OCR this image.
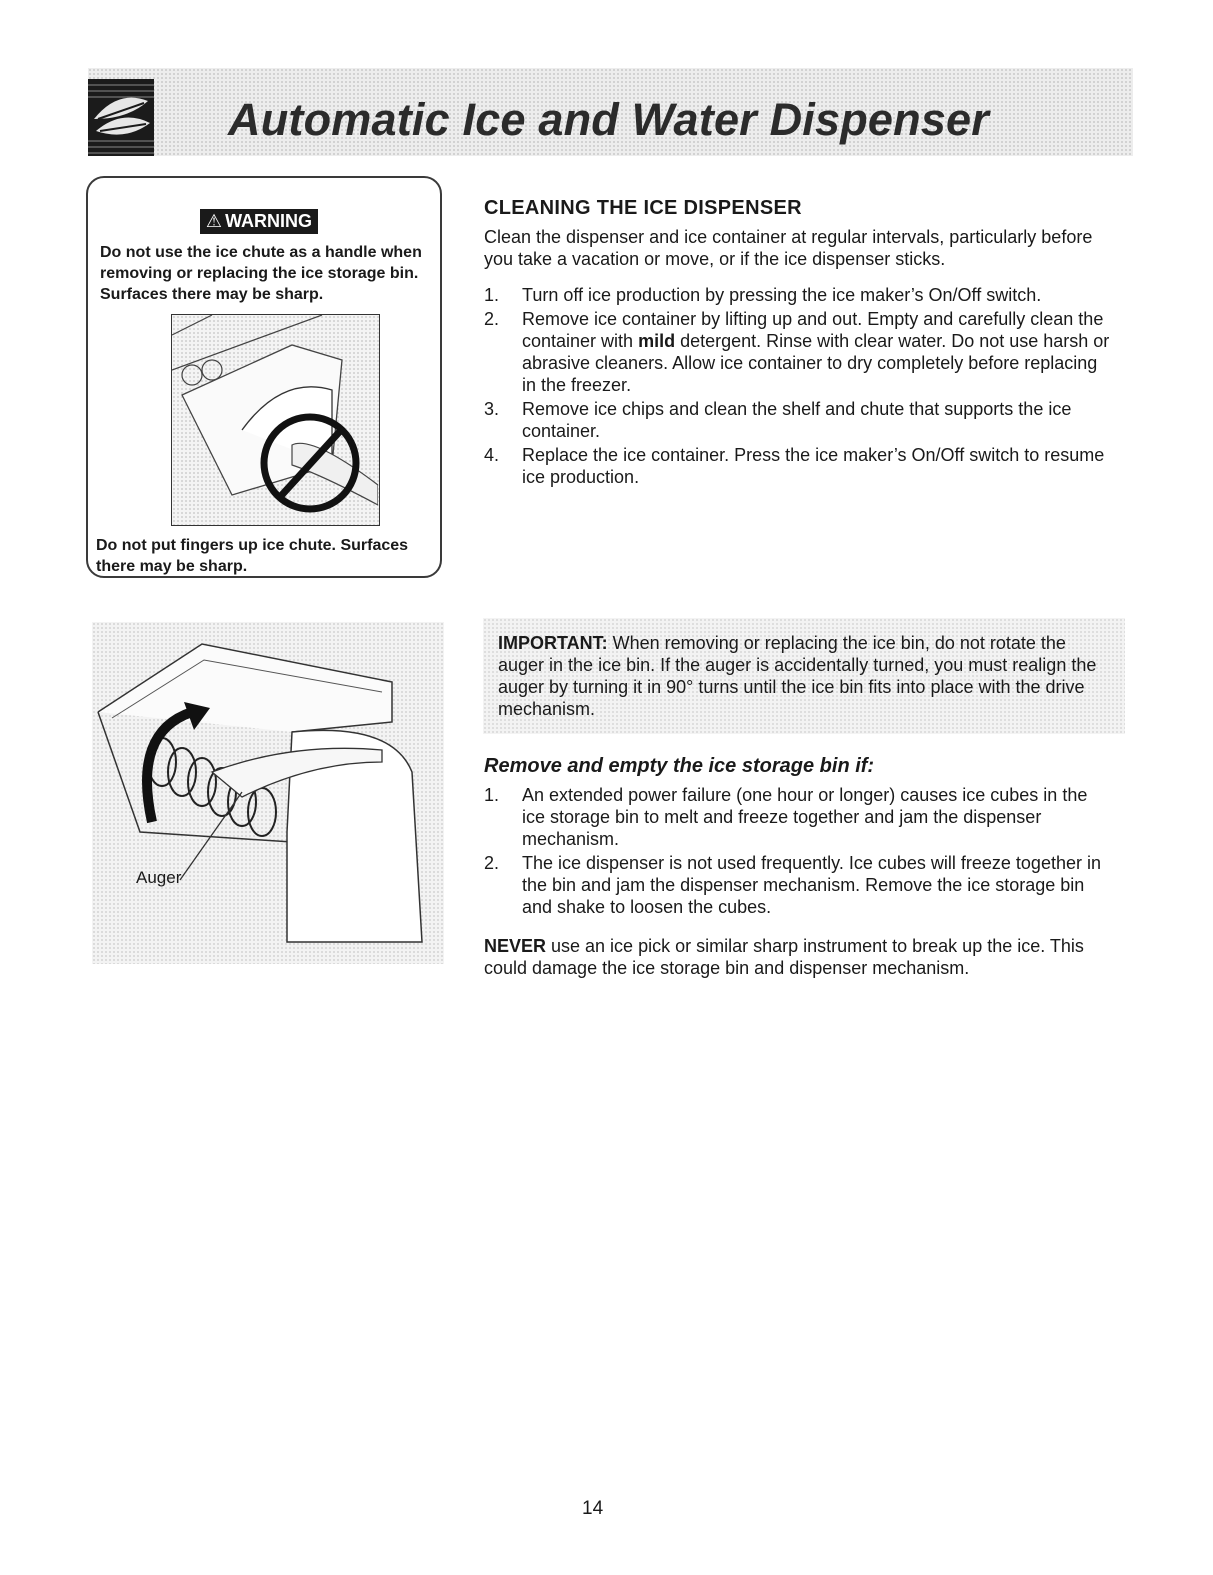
Automatic Ice and Water Dispenser
⚠ WARNING
Do not use the ice chute as a handle when removing or replacing the ice storage bin. Surfaces there may be sharp.
Do not put fingers up ice chute. Surfaces there may be sharp.
CLEANING THE ICE DISPENSER
Clean the dispenser and ice container at regular intervals, particularly before you take a vacation or move, or if the ice dispenser sticks.
1. Turn off ice production by pressing the ice maker’s On/Off switch.
2. Remove ice container by lifting up and out. Empty and carefully clean the container with mild detergent. Rinse with clear water. Do not use harsh or abrasive cleaners. Allow ice container to dry completely before replacing in the freezer.
3. Remove ice chips and clean the shelf and chute that supports the ice container.
4. Replace the ice container. Press the ice maker’s On/Off switch to resume ice production.
Auger
IMPORTANT: When removing or replacing the ice bin, do not rotate the auger in the ice bin. If the auger is accidentally turned, you must realign the auger by turning it in 90° turns until the ice bin fits into place with the drive mechanism.
Remove and empty the ice storage bin if:
1. An extended power failure (one hour or longer) causes ice cubes in the ice storage bin to melt and freeze together and jam the dispenser mechanism.
2. The ice dispenser is not used frequently. Ice cubes will freeze together in the bin and jam the dispenser mechanism. Remove the ice storage bin and shake to loosen the cubes.
NEVER use an ice pick or similar sharp instrument to break up the ice. This could damage the ice storage bin and dispenser mechanism.
14
